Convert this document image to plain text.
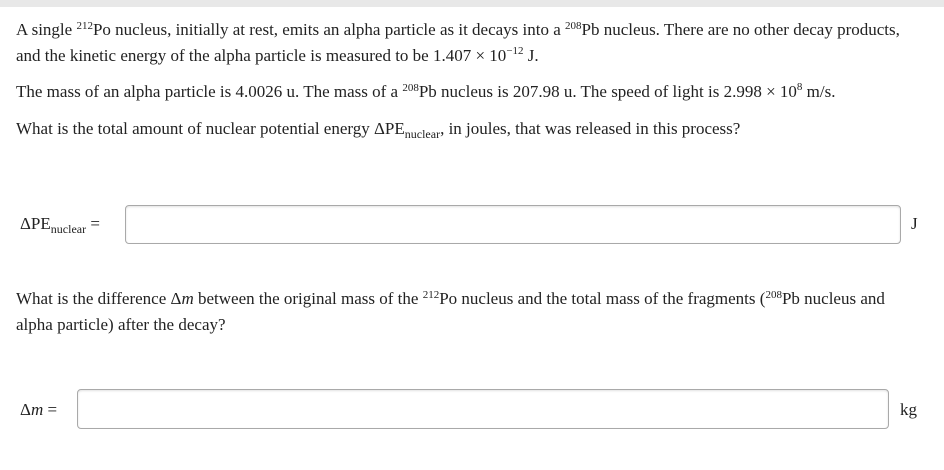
A single $^{212}$Po nucleus, initially at rest, emits an alpha particle as it decays into a $^{208}$Pb nucleus. There are no other decay products, and the kinetic energy of the alpha particle is measured to be $1.407 \times 10^{-12}$ J.

The mass of an alpha particle is 4.0026 u. The mass of a $^{208}$Pb nucleus is 207.98 u. The speed of light is $2.998 \times 10^8$ m/s.

What is the total amount of nuclear potential energy $\Delta PE_{nuclear}$, in joules, that was released in this process?

$\Delta PE_{nuclear}$ =	J

What is the difference Δm between the original mass of the $^{212}$Po nucleus and the total mass of the fragments ($^{208}$Pb nucleus and alpha particle) after the decay?

Δm =	kg
